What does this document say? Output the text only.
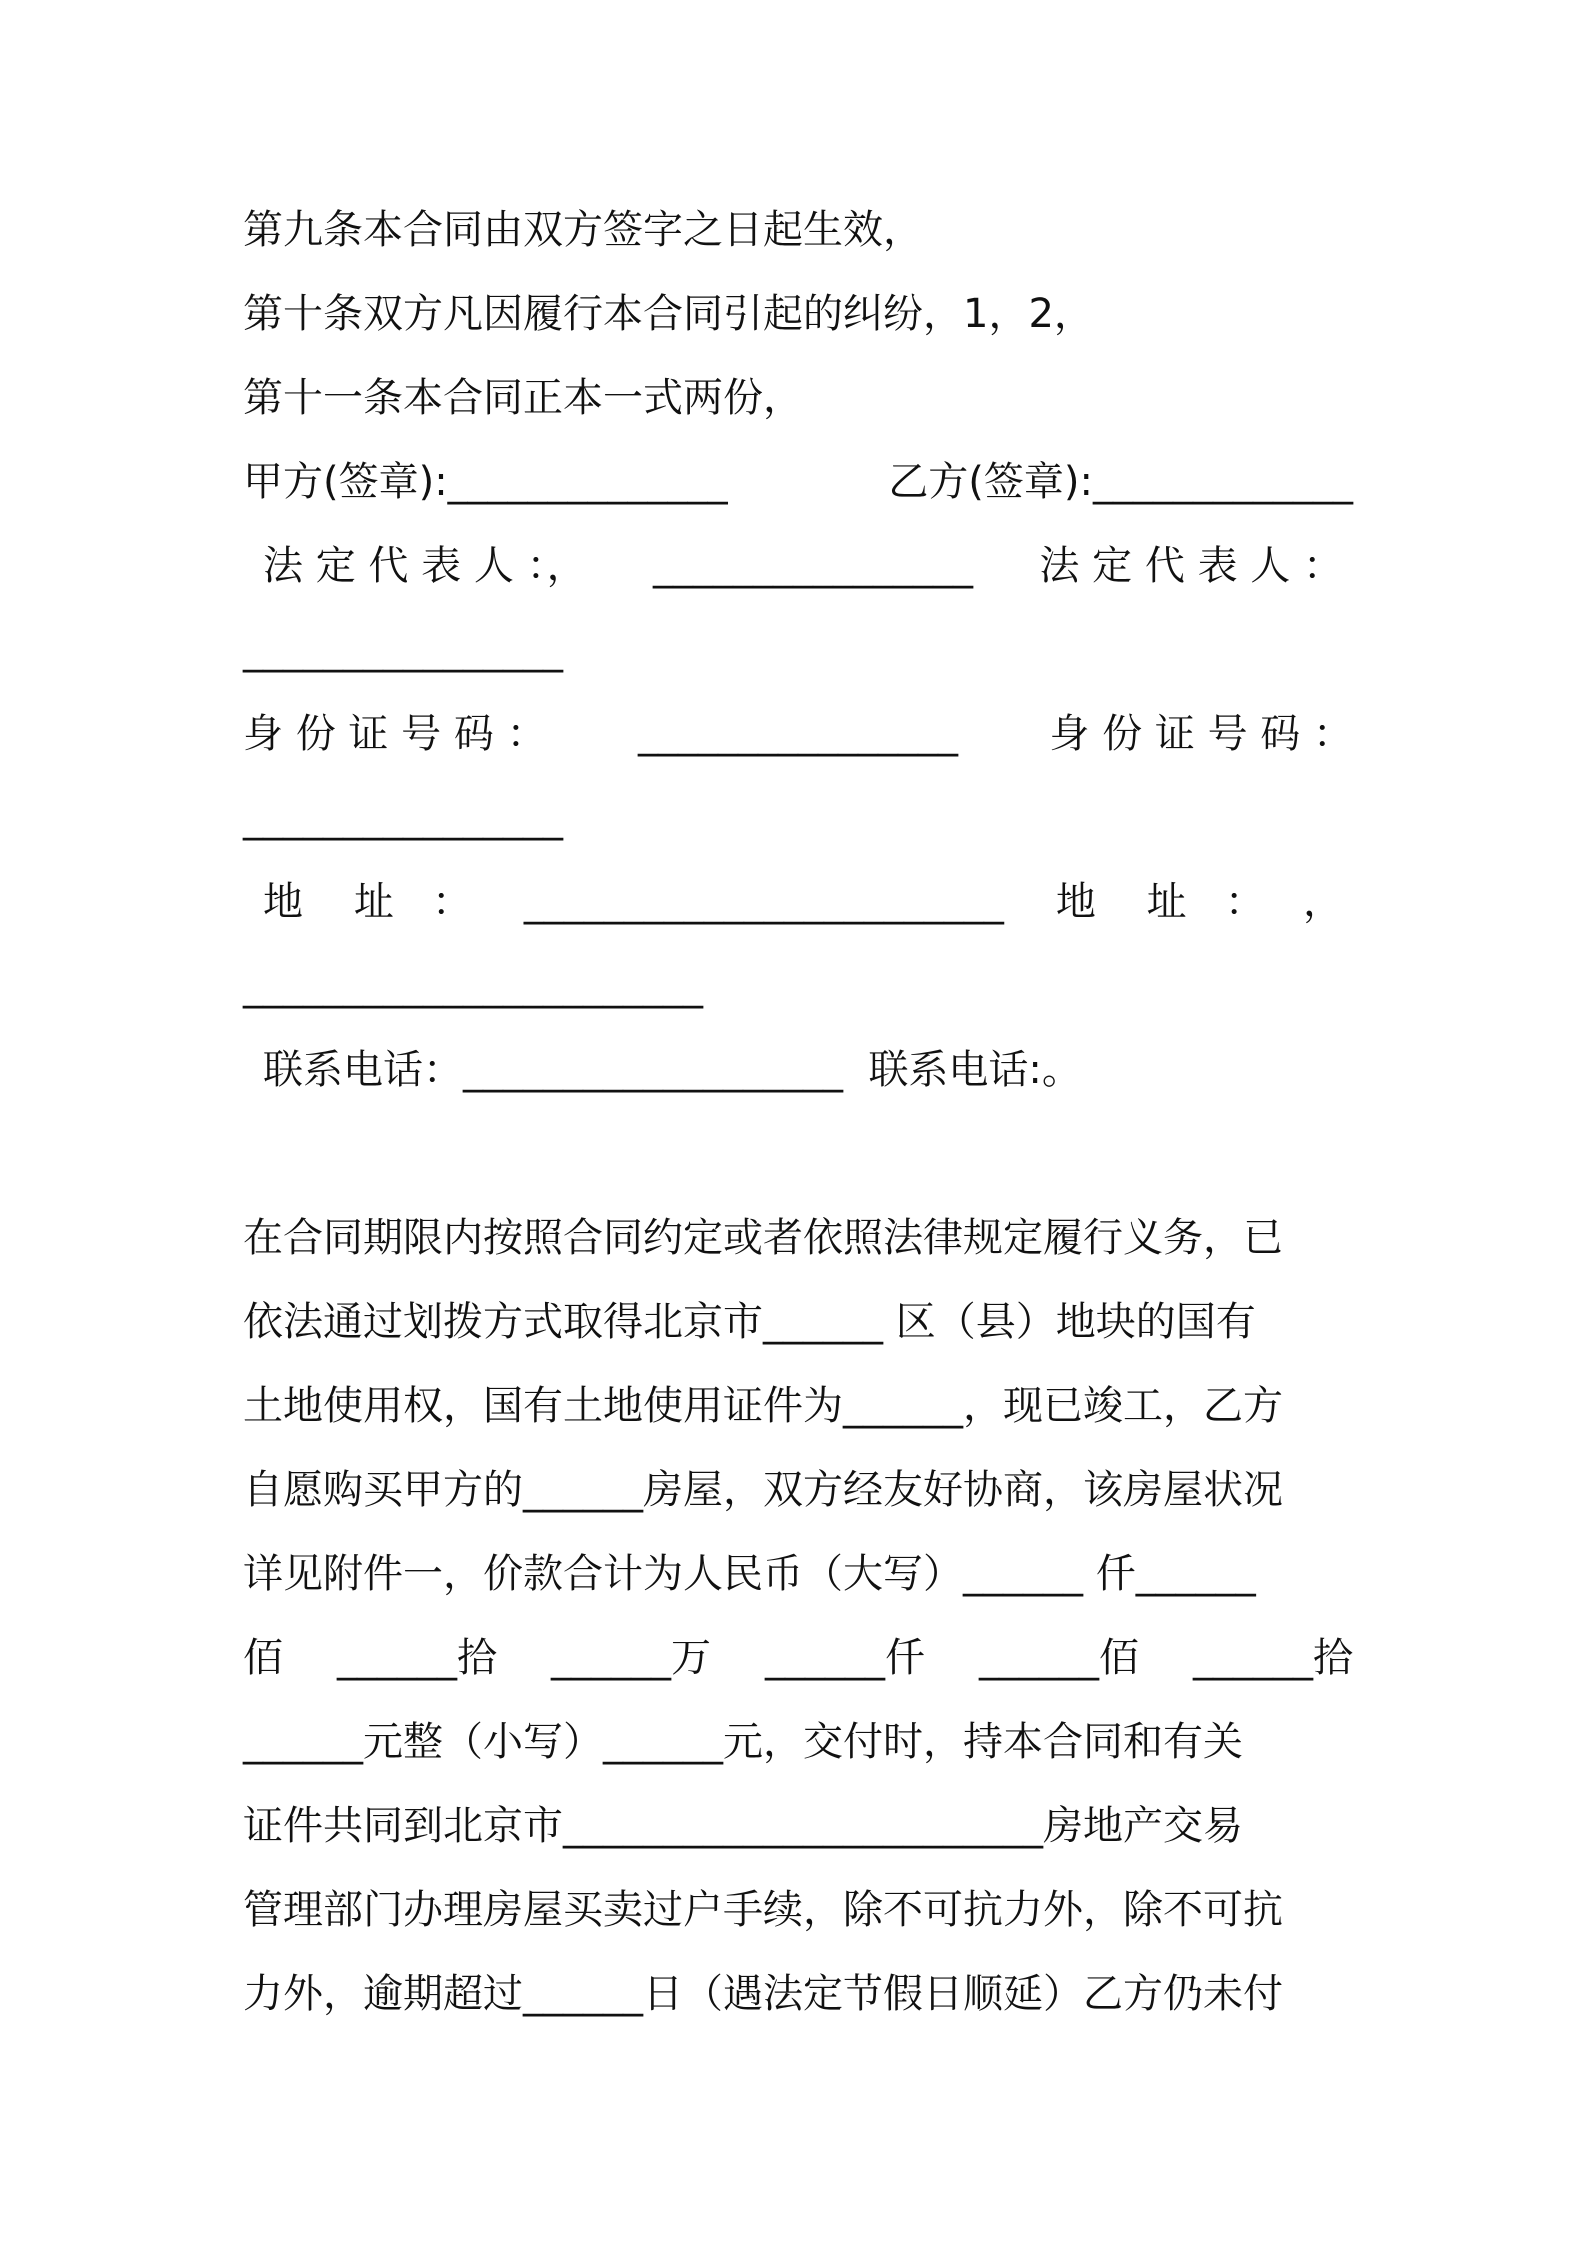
第九条本合同由双方签字之日起生效，
第十条双方凡因履行本合同引起的纠纷，1，2，
第十一条本合同正本一式两份，
甲方(签章):______________	乙方(签章):_____________
法 定 代 表 人 ：， ________________ 法 定 代 表 人 ：
________________
身 份 证 号 码 ： ________________ 身 份 证 号 码 ：
________________
地    址   ： ________________________ 地    址   ：   ，
_______________________
联系电话：___________________ 联系电话:。
在合同期限内按照合同约定或者依照法律规定履行义务，已
依法通过划拨方式取得北京市______ 区（县）地块的国有
土地使用权，国有土地使用证件为______，现已竣工，乙方
自愿购买甲方的______房屋，双方经友好协商，该房屋状况
详见附件一，价款合计为人民币（大写）______ 仟______
佰 ______拾 ______万 ______仟 ______佰 ______拾
______元整（小写）______元，交付时，持本合同和有关
证件共同到北京市________________________房地产交易
管理部门办理房屋买卖过户手续，除不可抗力外，除不可抗
力外，逾期超过______日（遇法定节假日顺延）乙方仍未付
